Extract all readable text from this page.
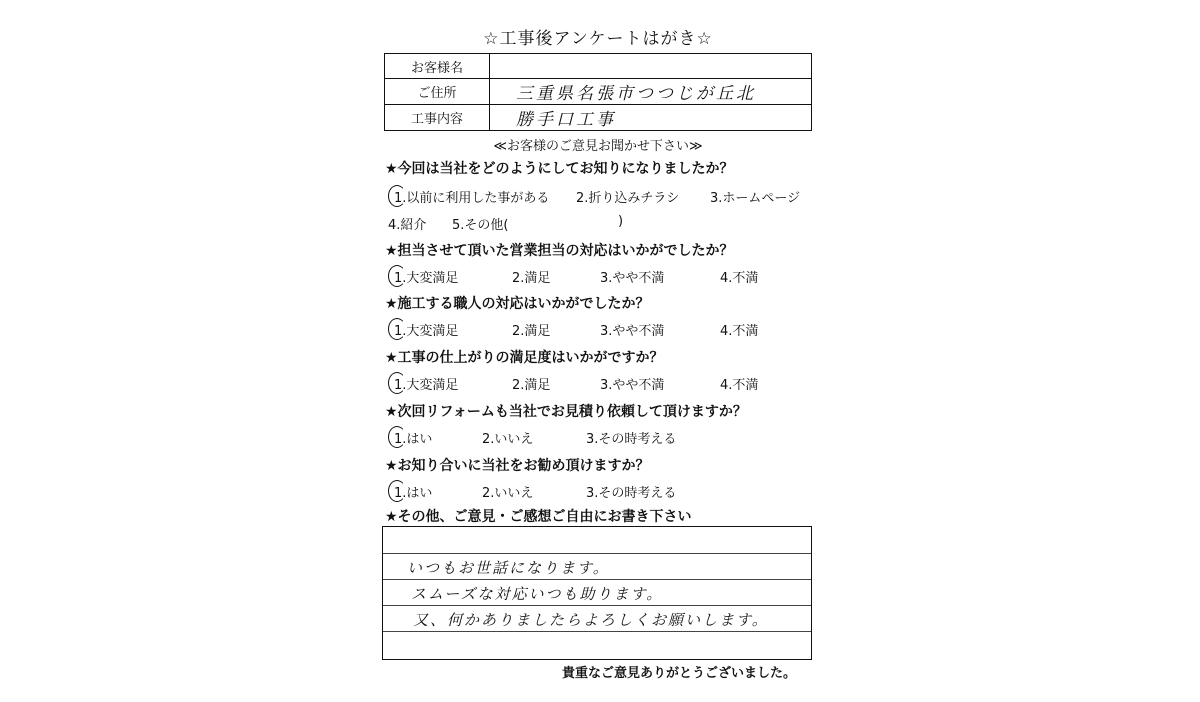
☆工事後アンケートはがき☆
お客様名	
ご住所	三重県名張市つつじが丘北
工事内容	勝手口工事
≪お客様のご意見お聞かせ下さい≫
★今回は当社をどのようにしてお知りになりましたか？
1.以前に利用した事がある 2.折り込みチラシ 3.ホームページ
4.紹介 5.その他(	)
★担当させて頂いた営業担当の対応はいかがでしたか？
1.大変満足	2.満足	3.やや不満	4.不満
★施工する職人の対応はいかがでしたか？
1.大変満足	2.満足	3.やや不満	4.不満
★工事の仕上がりの満足度はいかがですか？
1.大変満足	2.満足	3.やや不満	4.不満
★次回リフォームも当社でお見積り依頼して頂けますか？
1.はい	2.いいえ	3.その時考える
★お知り合いに当社をお勧め頂けますか？
1.はい	2.いいえ	3.その時考える
★その他、ご意見・ご感想ご自由にお書き下さい
いつもお世話になります。
スムーズな対応いつも助ります。
又、何かありましたらよろしくお願いします。
貴重なご意見ありがとうございました。
